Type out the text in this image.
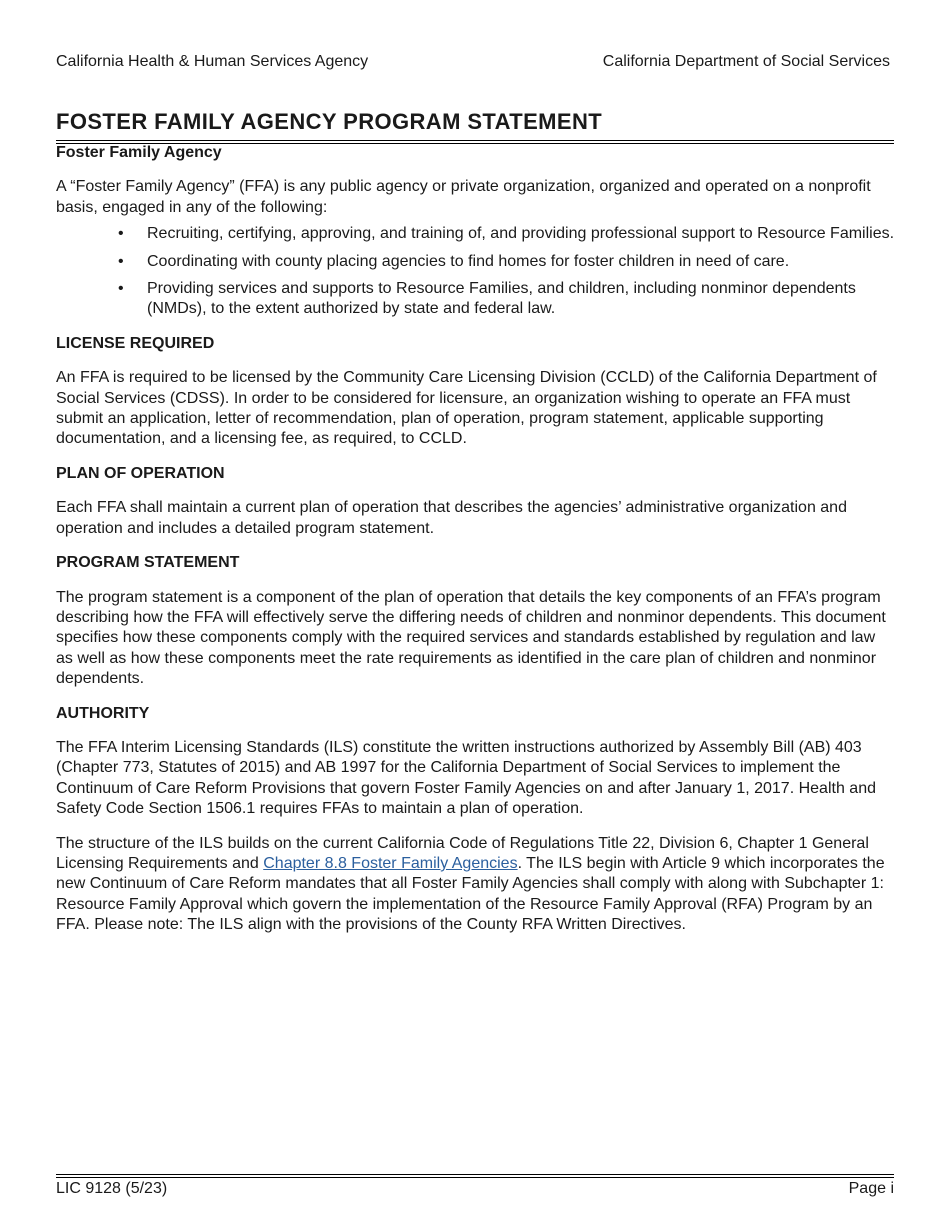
California Health & Human Services Agency	California Department of Social Services
FOSTER FAMILY AGENCY PROGRAM STATEMENT
Foster Family Agency

A “Foster Family Agency” (FFA) is any public agency or private organization, organized and operated on a nonprofit basis, engaged in any of the following:

• Recruiting, certifying, approving, and training of, and providing professional support to Resource Families.
• Coordinating with county placing agencies to find homes for foster children in need of care.
• Providing services and supports to Resource Families, and children, including nonminor dependents (NMDs), to the extent authorized by state and federal law.
LICENSE REQUIRED

An FFA is required to be licensed by the Community Care Licensing Division (CCLD) of the California Department of Social Services (CDSS). In order to be considered for licensure, an organization wishing to operate an FFA must submit an application, letter of recommendation, plan of operation, program statement, applicable supporting documentation, and a licensing fee, as required, to CCLD.

PLAN OF OPERATION

Each FFA shall maintain a current plan of operation that describes the agencies’ administrative organization and operation and includes a detailed program statement.

PROGRAM STATEMENT

The program statement is a component of the plan of operation that details the key components of an FFA’s program describing how the FFA will effectively serve the differing needs of children and nonminor dependents. This document specifies how these components comply with the required services and standards established by regulation and law as well as how these components meet the rate requirements as identified in the care plan of children and nonminor dependents.

AUTHORITY

The FFA Interim Licensing Standards (ILS) constitute the written instructions authorized by Assembly Bill (AB) 403 (Chapter 773, Statutes of 2015) and AB 1997 for the California Department of Social Services to implement the Continuum of Care Reform Provisions that govern Foster Family Agencies on and after January 1, 2017. Health and Safety Code Section 1506.1 requires FFAs to maintain a plan of operation.

The structure of the ILS builds on the current California Code of Regulations Title 22, Division 6, Chapter 1 General Licensing Requirements and Chapter 8.8 Foster Family Agencies. The ILS begin with Article 9 which incorporates the new Continuum of Care Reform mandates that all Foster Family Agencies shall comply with along with Subchapter 1: Resource Family Approval which govern the implementation of the Resource Family Approval (RFA) Program by an FFA. Please note: The ILS align with the provisions of the County RFA Written Directives.

LIC 9128 (5/23)	Page i
